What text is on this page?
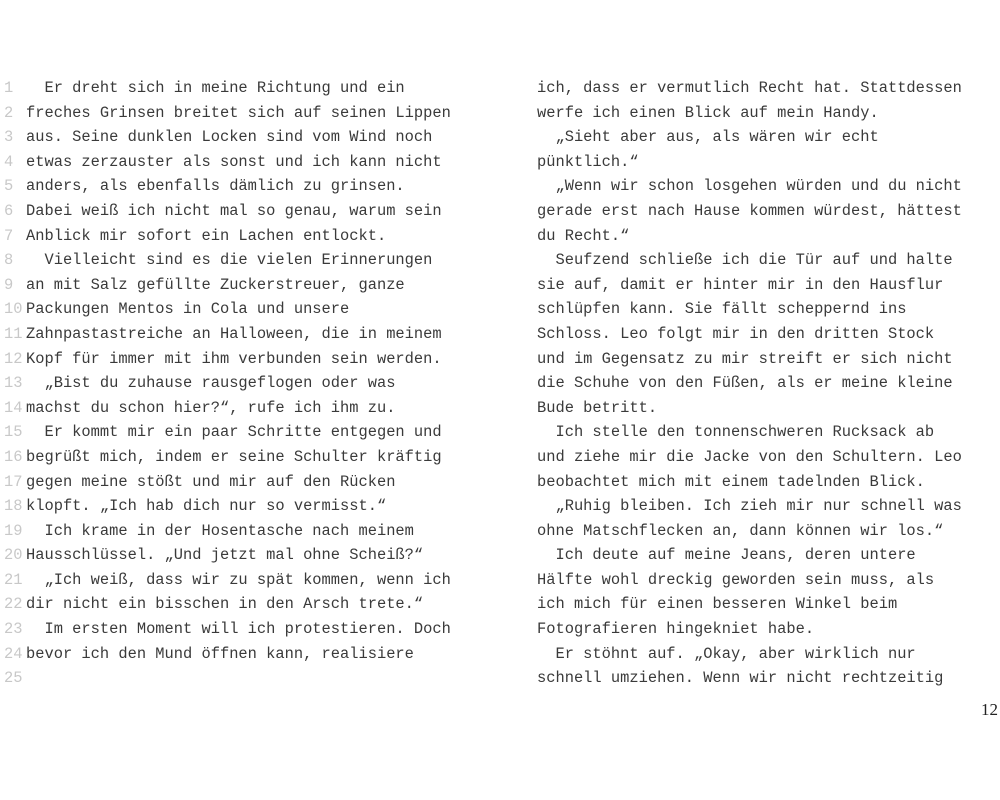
1  Er dreht sich in meine Richtung und ein
2 freches Grinsen breitet sich auf seinen Lippen
3 aus. Seine dunklen Locken sind vom Wind noch
4 etwas zerzauster als sonst und ich kann nicht
5 anders, als ebenfalls dämlich zu grinsen.
6 Dabei weiß ich nicht mal so genau, warum sein
7 Anblick mir sofort ein Lachen entlockt.
8  Vielleicht sind es die vielen Erinnerungen
9 an mit Salz gefüllte Zuckerstreuer, ganze
10 Packungen Mentos in Cola und unsere
11 Zahnpastastreiche an Halloween, die in meinem
12 Kopf für immer mit ihm verbunden sein werden.
13  „Bist du zuhause rausgeflogen oder was
14 machst du schon hier?“, rufe ich ihm zu.
15  Er kommt mir ein paar Schritte entgegen und
16 begrüßt mich, indem er seine Schulter kräftig
17 gegen meine stößt und mir auf den Rücken
18 klopft. „Ich hab dich nur so vermisst.“
19  Ich krame in der Hosentasche nach meinem
20 Hausschlüssel. „Und jetzt mal ohne Scheiß?“
21  „Ich weiß, dass wir zu spät kommen, wenn ich
22 dir nicht ein bisschen in den Arsch trete.“
23  Im ersten Moment will ich protestieren. Doch
24 bevor ich den Mund öffnen kann, realisiere
25
ich, dass er vermutlich Recht hat. Stattdessen
werfe ich einen Blick auf mein Handy.
„Sieht aber aus, als wären wir echt
pünktlich.“
„Wenn wir schon losgehen würden und du nicht
gerade erst nach Hause kommen würdest, hättest
du Recht.“
Seufzend schließe ich die Tür auf und halte
sie auf, damit er hinter mir in den Hausflur
schlüpfen kann. Sie fällt scheppernd ins
Schloss. Leo folgt mir in den dritten Stock
und im Gegensatz zu mir streift er sich nicht
die Schuhe von den Füßen, als er meine kleine
Bude betritt.
Ich stelle den tonnenschweren Rucksack ab
und ziehe mir die Jacke von den Schultern. Leo
beobachtet mich mit einem tadelnden Blick.
„Ruhig bleiben. Ich zieh mir nur schnell was
ohne Matschflecken an, dann können wir los.“
Ich deute auf meine Jeans, deren untere
Hälfte wohl dreckig geworden sein muss, als
ich mich für einen besseren Winkel beim
Fotografieren hingekniet habe.
Er stöhnt auf. „Okay, aber wirklich nur
schnell umziehen. Wenn wir nicht rechtzeitig
12
